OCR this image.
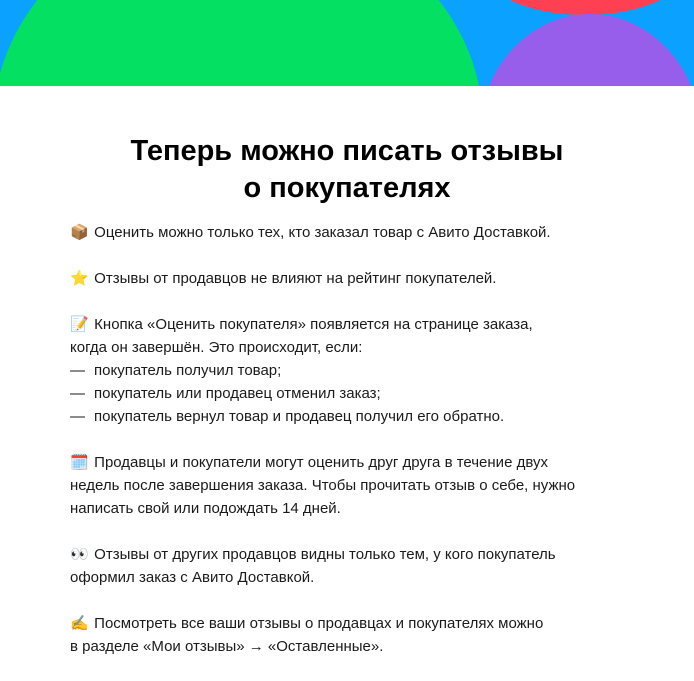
Теперь можно писать отзывы
о покупателях
📦 Оценить можно только тех, кто заказал товар с Авито Доставкой.
⭐ Отзывы от продавцов не влияют на рейтинг покупателей.
📝 Кнопка «Оценить покупателя» появляется на странице заказа,
когда он завершён. Это происходит, если:
— покупатель получил товар;
— покупатель или продавец отменил заказ;
— покупатель вернул товар и продавец получил его обратно.
🗓️ Продавцы и покупатели могут оценить друг друга в течение двух
недель после завершения заказа. Чтобы прочитать отзыв о себе, нужно
написать свой или подождать 14 дней.
👀 Отзывы от других продавцов видны только тем, у кого покупатель
оформил заказ с Авито Доставкой.
✍️ Посмотреть все ваши отзывы о продавцах и покупателях можно
в разделе «Мои отзывы» → «Оставленные».
